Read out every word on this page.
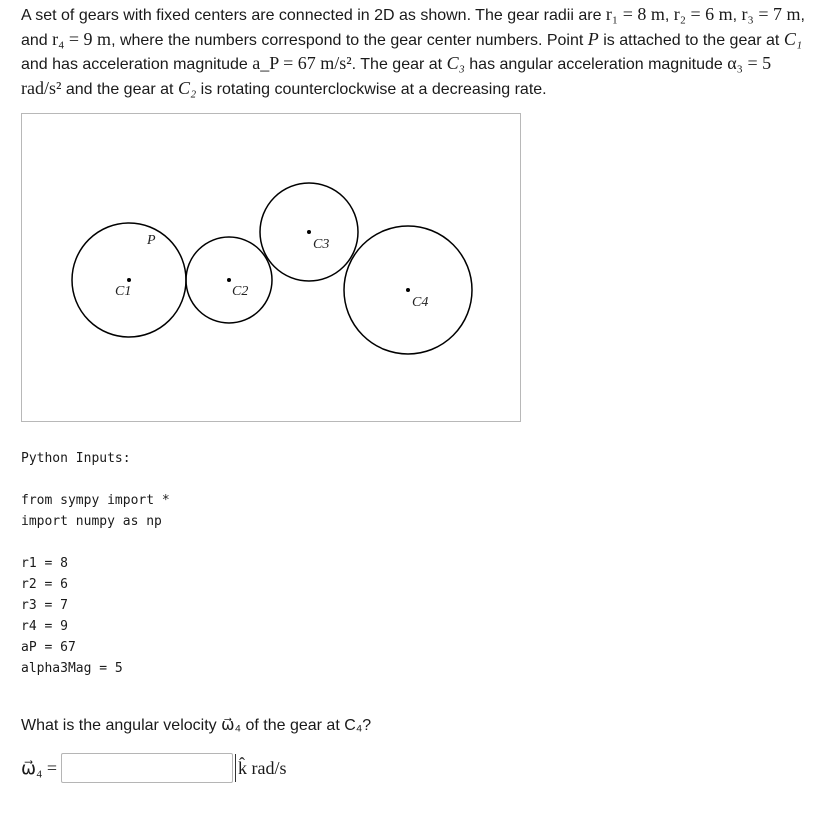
A set of gears with fixed centers are connected in 2D as shown. The gear radii are r₁ = 8 m, r₂ = 6 m, r₃ = 7 m, and r₄ = 9 m, where the numbers correspond to the gear center numbers. Point P is attached to the gear at C₁ and has acceleration magnitude a_P = 67 m/s². The gear at C₃ has angular acceleration magnitude α₃ = 5 rad/s² and the gear at C₂ is rotating counterclockwise at a decreasing rate.

C1	C2
C3
C4
P
Python Inputs:

from sympy import *
import numpy as np

r1 = 8
r2 = 6
r3 = 7
r4 = 9
aP = 67
alpha3Mag = 5

What is the angular velocity ω⃗₄ of the gear at C₄?

ω⃗₄ =	k̂ rad/s
